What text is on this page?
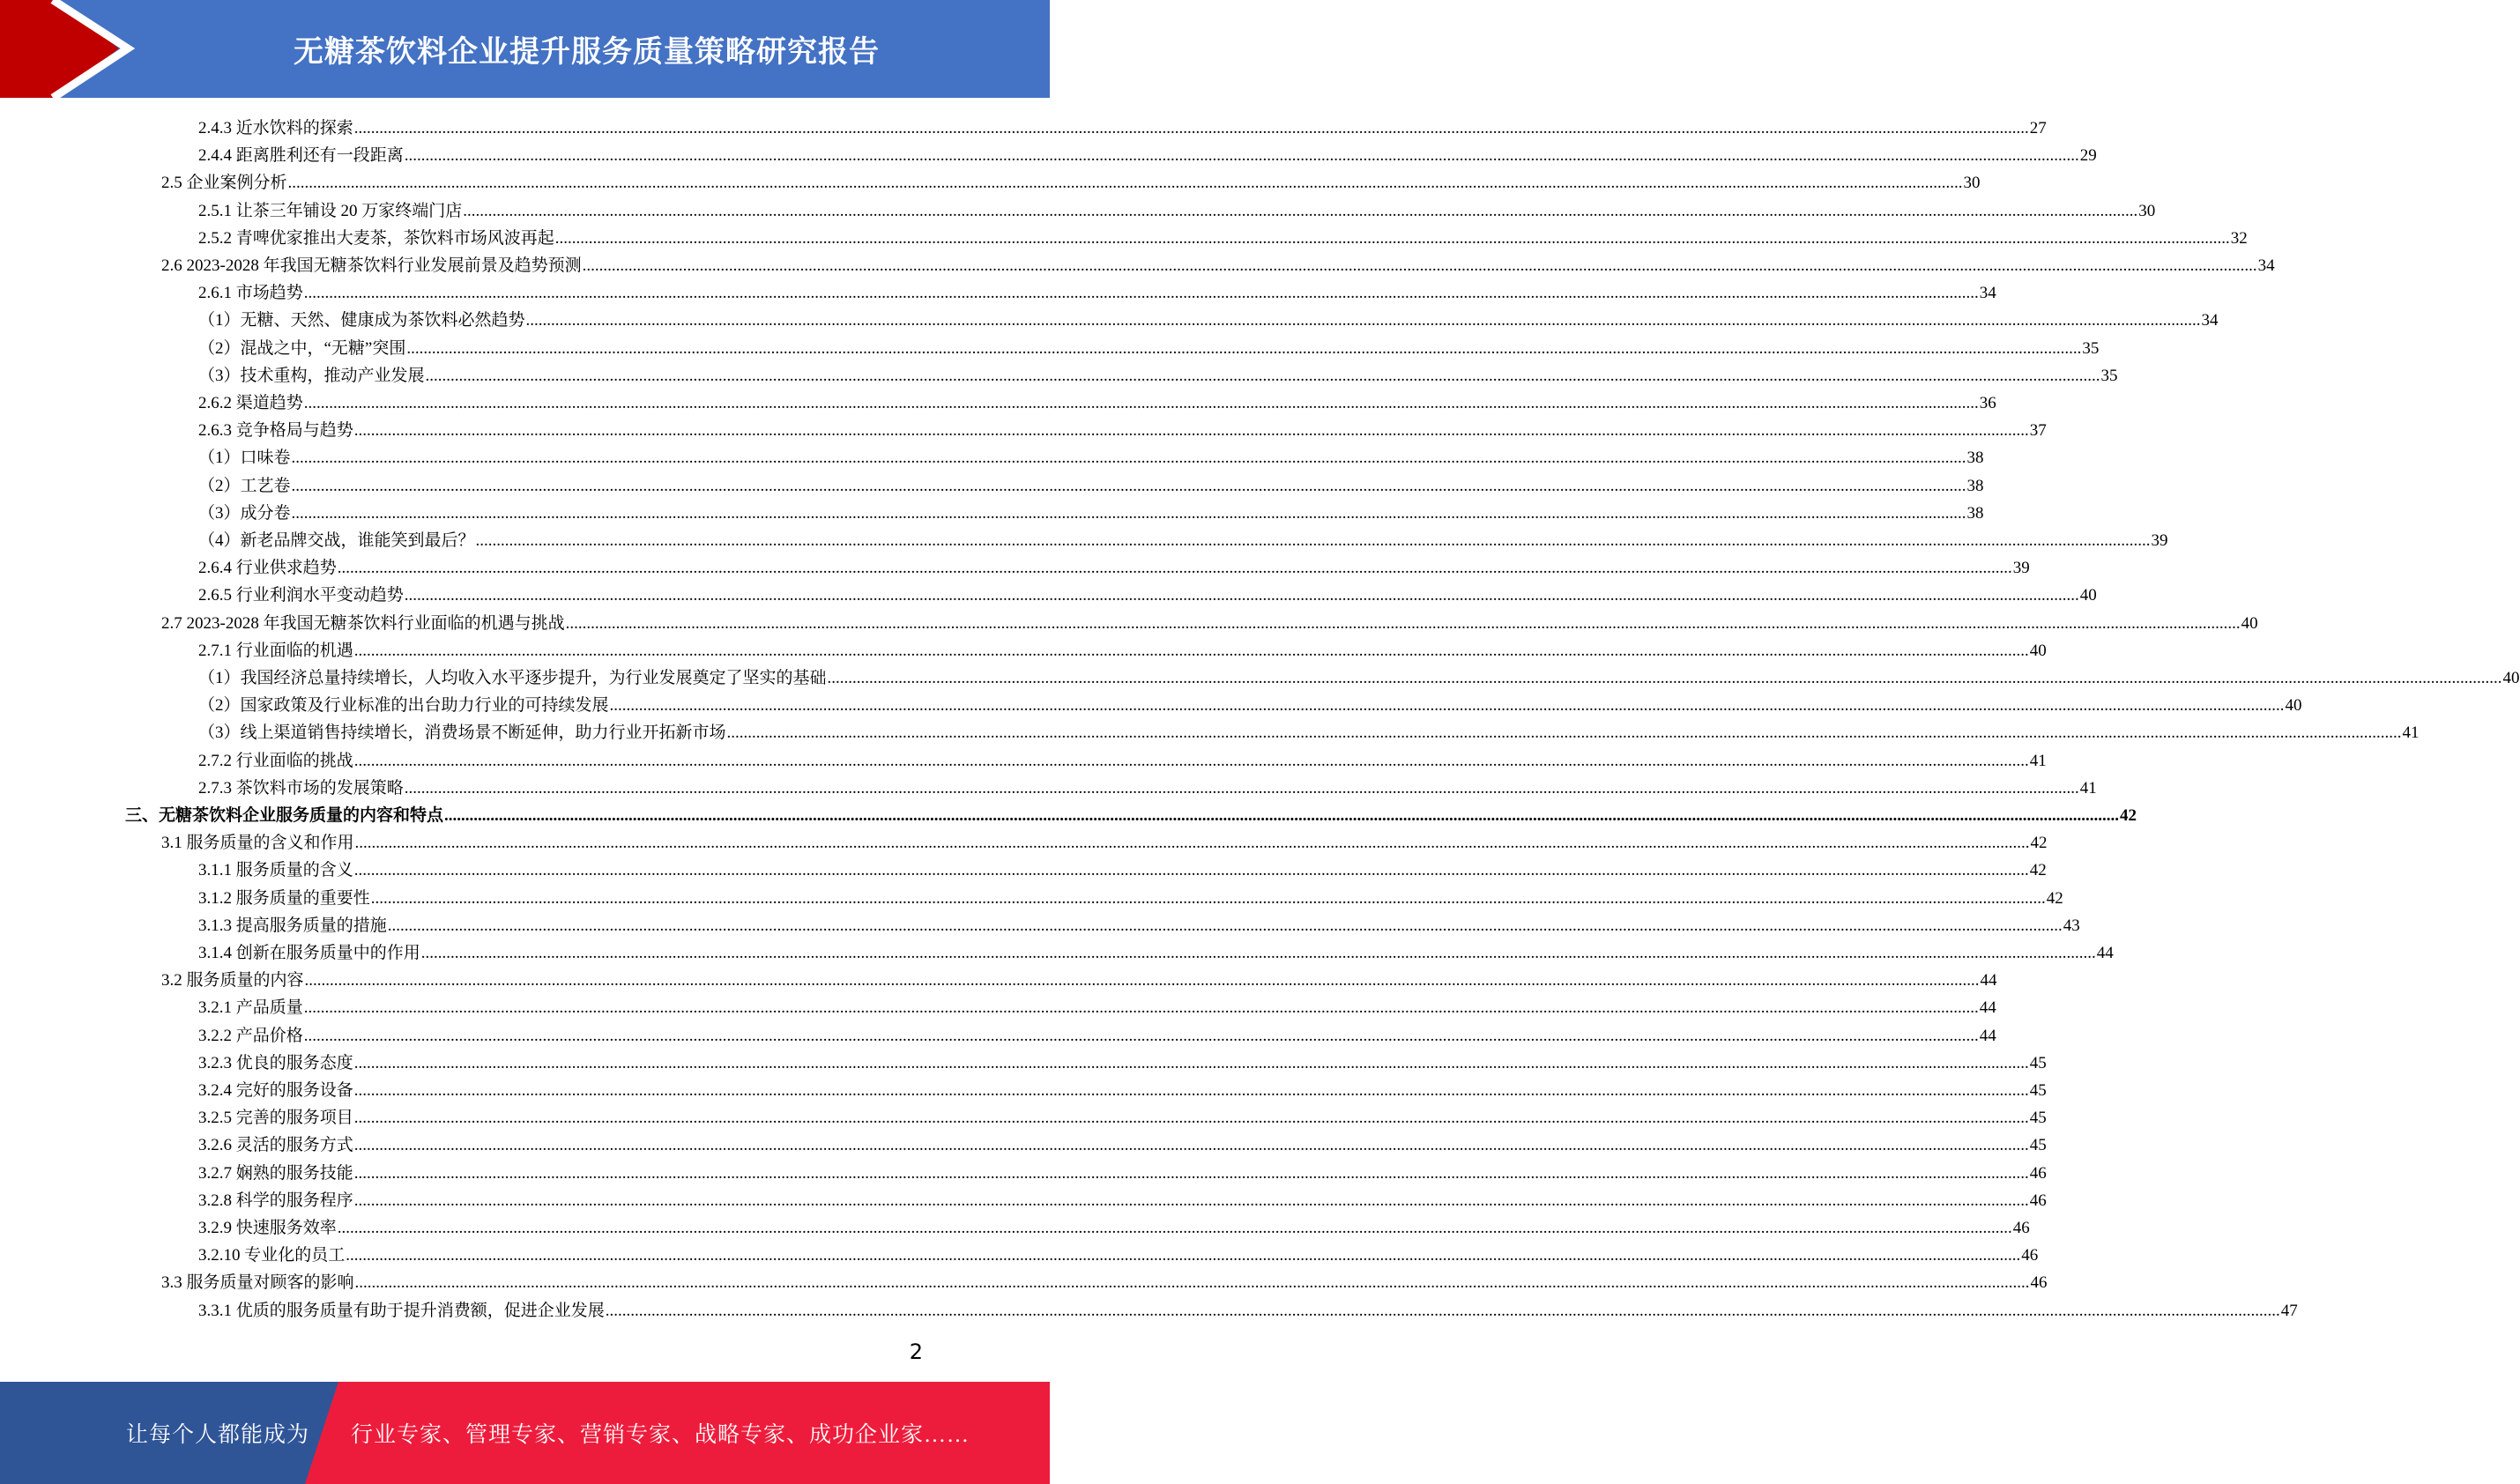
无糖茶饮料企业提升服务质量策略研究报告
2.4.3 近水饮料的探索 ................................................................................................................................................................................................................................................................................................................................................................................................................ 27
2.4.4 距离胜利还有一段距离 ................................................................................................................................................................................................................................................................................................................................................................................................................ 29
2.5 企业案例分析 ................................................................................................................................................................................................................................................................................................................................................................................................................ 30
2.5.1 让茶三年铺设 20 万家终端门店 ................................................................................................................................................................................................................................................................................................................................................................................................................ 30
2.5.2 青啤优家推出大麦茶，茶饮料市场风波再起 ................................................................................................................................................................................................................................................................................................................................................................................................................ 32
2.6 2023-2028 年我国无糖茶饮料行业发展前景及趋势预测 ................................................................................................................................................................................................................................................................................................................................................................................................................ 34
2.6.1 市场趋势 ................................................................................................................................................................................................................................................................................................................................................................................................................ 34
（1）无糖、天然、健康成为茶饮料必然趋势 ................................................................................................................................................................................................................................................................................................................................................................................................................ 34
（2）混战之中，“无糖”突围 ................................................................................................................................................................................................................................................................................................................................................................................................................ 35
（3）技术重构，推动产业发展 ................................................................................................................................................................................................................................................................................................................................................................................................................ 35
2.6.2 渠道趋势 ................................................................................................................................................................................................................................................................................................................................................................................................................ 36
2.6.3 竞争格局与趋势 ................................................................................................................................................................................................................................................................................................................................................................................................................ 37
（1）口味卷 ................................................................................................................................................................................................................................................................................................................................................................................................................ 38
（2）工艺卷 ................................................................................................................................................................................................................................................................................................................................................................................................................ 38
（3）成分卷 ................................................................................................................................................................................................................................................................................................................................................................................................................ 38
（4）新老品牌交战，谁能笑到最后？ ................................................................................................................................................................................................................................................................................................................................................................................................................ 39
2.6.4 行业供求趋势 ................................................................................................................................................................................................................................................................................................................................................................................................................ 39
2.6.5 行业利润水平变动趋势 ................................................................................................................................................................................................................................................................................................................................................................................................................ 40
2.7 2023-2028 年我国无糖茶饮料行业面临的机遇与挑战 ................................................................................................................................................................................................................................................................................................................................................................................................................ 40
2.7.1 行业面临的机遇 ................................................................................................................................................................................................................................................................................................................................................................................................................ 40
（1）我国经济总量持续增长，人均收入水平逐步提升，为行业发展奠定了坚实的基础 ................................................................................................................................................................................................................................................................................................................................................................................................................ 40
（2）国家政策及行业标准的出台助力行业的可持续发展 ................................................................................................................................................................................................................................................................................................................................................................................................................ 40
（3）线上渠道销售持续增长，消费场景不断延伸，助力行业开拓新市场 ................................................................................................................................................................................................................................................................................................................................................................................................................ 41
2.7.2 行业面临的挑战 ................................................................................................................................................................................................................................................................................................................................................................................................................ 41
2.7.3 茶饮料市场的发展策略 ................................................................................................................................................................................................................................................................................................................................................................................................................ 41
三、无糖茶饮料企业服务质量的内容和特点 ................................................................................................................................................................................................................................................................................................................................................................................................................ 42
3.1 服务质量的含义和作用 ................................................................................................................................................................................................................................................................................................................................................................................................................ 42
3.1.1 服务质量的含义 ................................................................................................................................................................................................................................................................................................................................................................................................................ 42
3.1.2 服务质量的重要性 ................................................................................................................................................................................................................................................................................................................................................................................................................ 42
3.1.3 提高服务质量的措施 ................................................................................................................................................................................................................................................................................................................................................................................................................ 43
3.1.4 创新在服务质量中的作用 ................................................................................................................................................................................................................................................................................................................................................................................................................ 44
3.2 服务质量的内容 ................................................................................................................................................................................................................................................................................................................................................................................................................ 44
3.2.1 产品质量 ................................................................................................................................................................................................................................................................................................................................................................................................................ 44
3.2.2 产品价格 ................................................................................................................................................................................................................................................................................................................................................................................................................ 44
3.2.3 优良的服务态度 ................................................................................................................................................................................................................................................................................................................................................................................................................ 45
3.2.4 完好的服务设备 ................................................................................................................................................................................................................................................................................................................................................................................................................ 45
3.2.5 完善的服务项目 ................................................................................................................................................................................................................................................................................................................................................................................................................ 45
3.2.6 灵活的服务方式 ................................................................................................................................................................................................................................................................................................................................................................................................................ 45
3.2.7 娴熟的服务技能 ................................................................................................................................................................................................................................................................................................................................................................................................................ 46
3.2.8 科学的服务程序 ................................................................................................................................................................................................................................................................................................................................................................................................................ 46
3.2.9 快速服务效率 ................................................................................................................................................................................................................................................................................................................................................................................................................ 46
3.2.10 专业化的员工 ................................................................................................................................................................................................................................................................................................................................................................................................................ 46
3.3 服务质量对顾客的影响 ................................................................................................................................................................................................................................................................................................................................................................................................................ 46
3.3.1 优质的服务质量有助于提升消费额，促进企业发展 ................................................................................................................................................................................................................................................................................................................................................................................................................ 47
2
让每个人都能成为 行业专家、管理专家、营销专家、战略专家、成功企业家……
